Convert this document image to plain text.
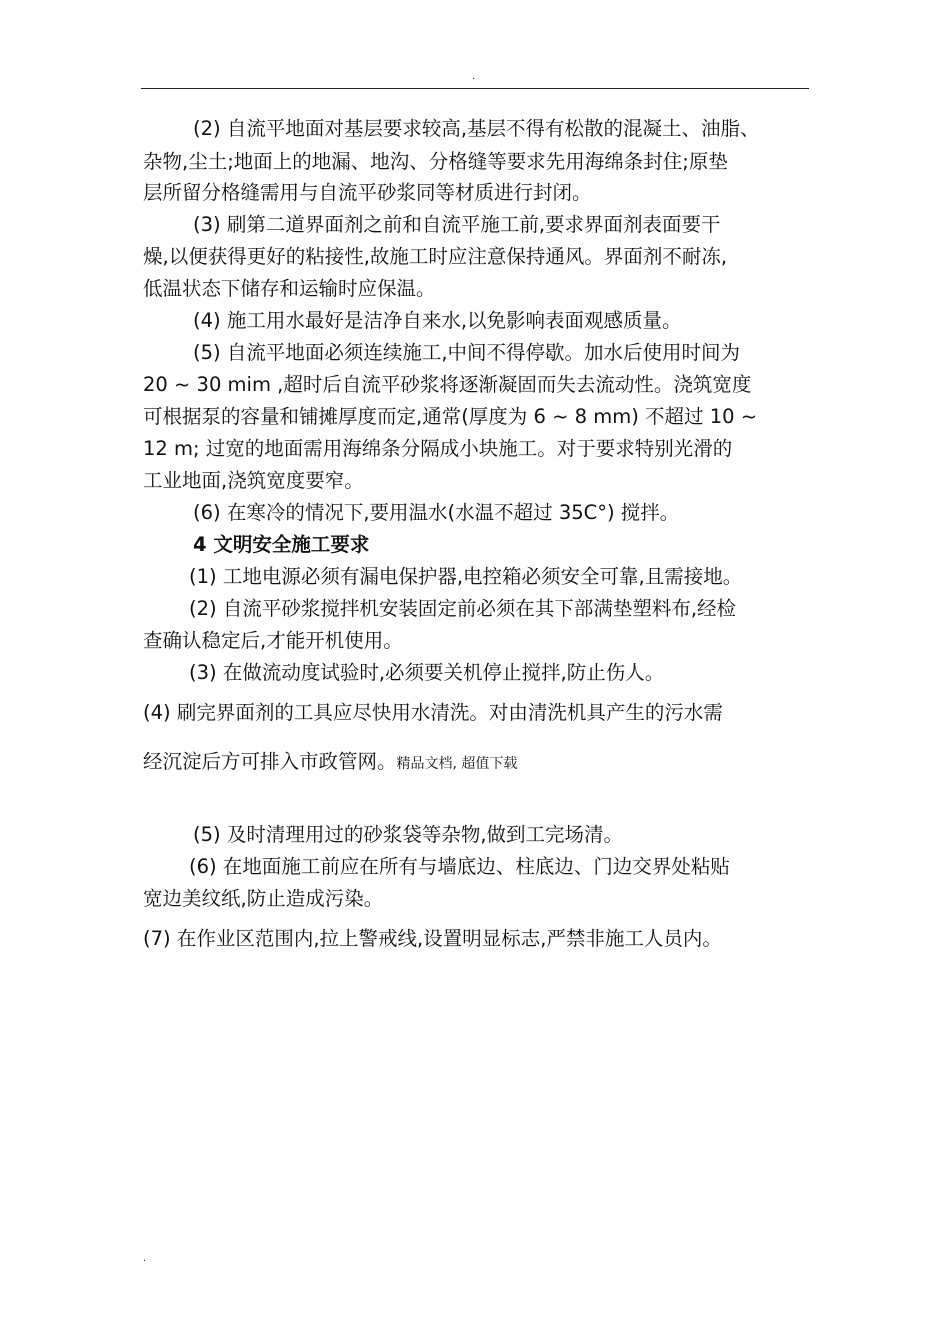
.
(2) 自流平地面对基层要求较高,基层不得有松散的混凝土、油脂、
杂物,尘土;地面上的地漏、地沟、分格缝等要求先用海绵条封住;原垫
层所留分格缝需用与自流平砂浆同等材质进行封闭。
(3) 刷第二道界面剂之前和自流平施工前,要求界面剂表面要干
燥,以便获得更好的粘接性,故施工时应注意保持通风。界面剂不耐冻,
低温状态下储存和运输时应保温。
(4) 施工用水最好是洁净自来水,以免影响表面观感质量。
(5) 自流平地面必须连续施工,中间不得停歇。加水后使用时间为
20 ~ 30 mim ,超时后自流平砂浆将逐渐凝固而失去流动性。浇筑宽度
可根据泵的容量和铺摊厚度而定,通常(厚度为 6 ~ 8 mm) 不超过 10 ~
12 m; 过宽的地面需用海绵条分隔成小块施工。对于要求特别光滑的
工业地面,浇筑宽度要窄。
(6) 在寒冷的情况下,要用温水(水温不超过 35C°) 搅拌。
4 文明安全施工要求
(1) 工地电源必须有漏电保护器,电控箱必须安全可靠,且需接地。
(2) 自流平砂浆搅拌机安装固定前必须在其下部满垫塑料布,经检
查确认稳定后,才能开机使用。
(3) 在做流动度试验时,必须要关机停止搅拌,防止伤人。
(4) 刷完界面剂的工具应尽快用水清洗。对由清洗机具产生的污水需
经沉淀后方可排入市政管网。精品文档, 超值下载
(5) 及时清理用过的砂浆袋等杂物,做到工完场清。
(6) 在地面施工前应在所有与墙底边、柱底边、门边交界处粘贴
宽边美纹纸,防止造成污染。
(7) 在作业区范围内,拉上警戒线,设置明显标志,严禁非施工人员内。
.
